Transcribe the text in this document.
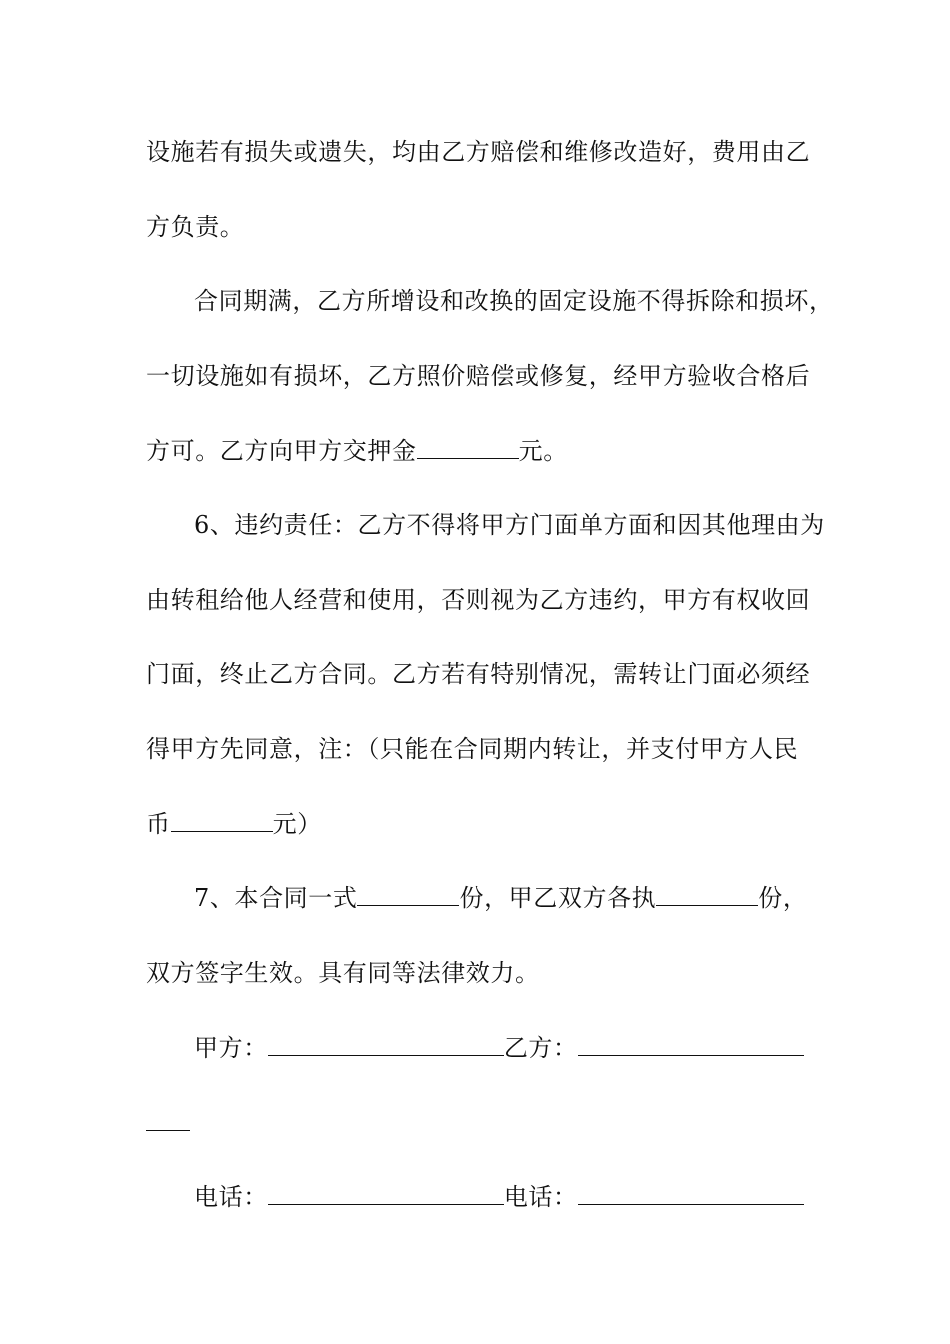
设施若有损失或遗失，均由乙方赔偿和维修改造好，费用由乙
方负责。
合同期满，乙方所增设和改换的固定设施不得拆除和损坏，
一切设施如有损坏，乙方照价赔偿或修复，经甲方验收合格后
方可。乙方向甲方交押金	元。
6、违约责任：乙方不得将甲方门面单方面和因其他理由为
由转租给他人经营和使用，否则视为乙方违约，甲方有权收回
门面，终止乙方合同。乙方若有特别情况，需转让门面必须经
得甲方先同意，注：（只能在合同期内转让，并支付甲方人民
币	元）
7、本合同一式	份，甲乙双方各执	份，
双方签字生效。具有同等法律效力。
甲方：	乙方：
电话：	电话：
